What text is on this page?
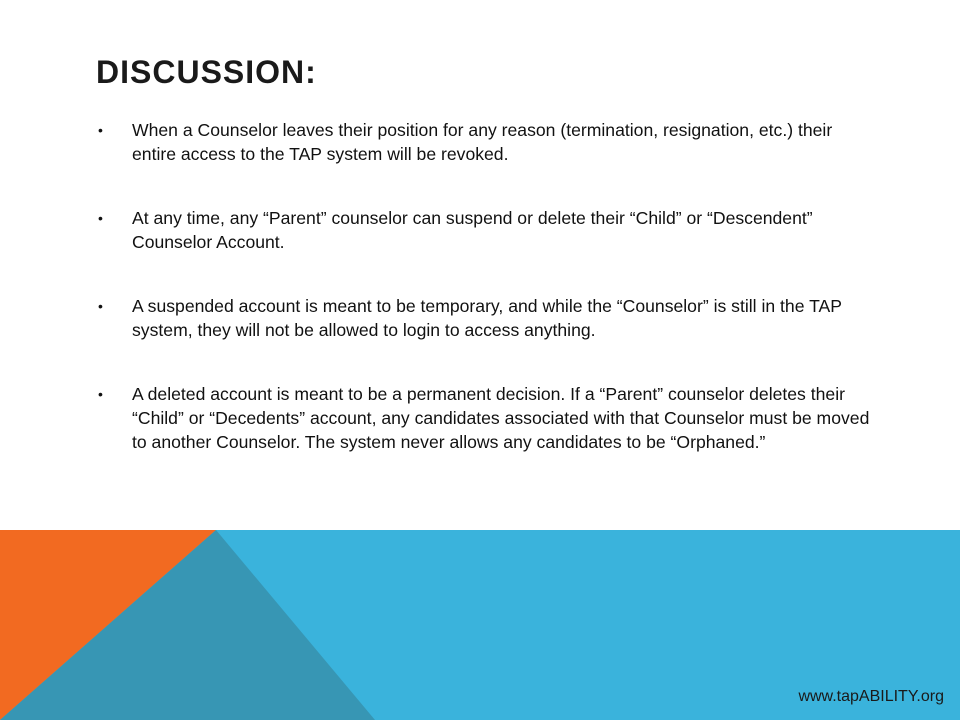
DISCUSSION:
• When a Counselor leaves their position for any reason (termination, resignation, etc.) their entire access to the TAP system will be revoked.
• At any time, any “Parent” counselor can suspend or delete their “Child” or “Descendent” Counselor Account.
• A suspended account is meant to be temporary, and while the “Counselor” is still in the TAP system, they will not be allowed to login to access anything.
• A deleted account is meant to be a permanent decision. If a “Parent” counselor deletes their “Child” or “Decedents” account, any candidates associated with that Counselor must be moved to another Counselor. The system never allows any candidates to be “Orphaned.”
www.tapABILITY.org
